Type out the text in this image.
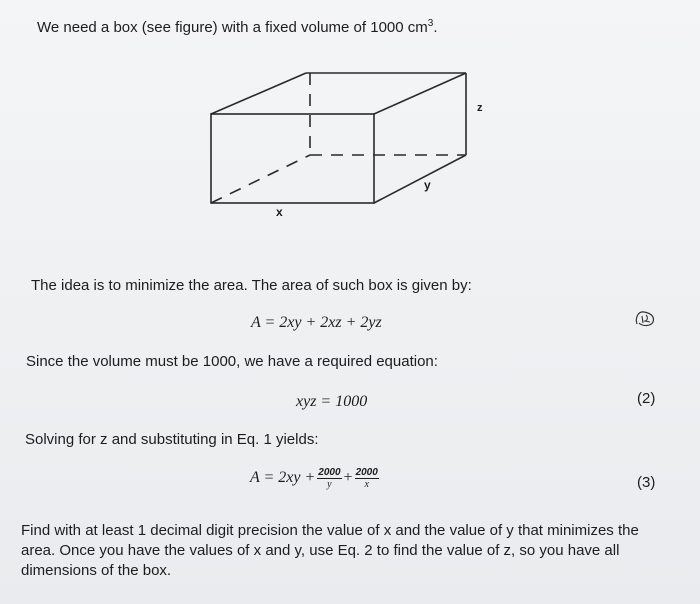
We need a box (see figure) with a fixed volume of 1000 $cm^3$.
z
y
x
The idea is to minimize the area. The area of such box is given by:
A = 2xy + 2xz + 2yz
Since the volume must be 1000, we have a required equation:
xyz = 1000	(2)
Solving for z and substituting in Eq. 1 yields:
$A = 2xy + \frac{2000}{y} + \frac{2000}{x}$	(3)
Find with at least 1 decimal digit precision the value of x and the value of y that minimizes the
area. Once you have the values of x and y, use Eq. 2 to find the value of z, so you have all
dimensions of the box.
